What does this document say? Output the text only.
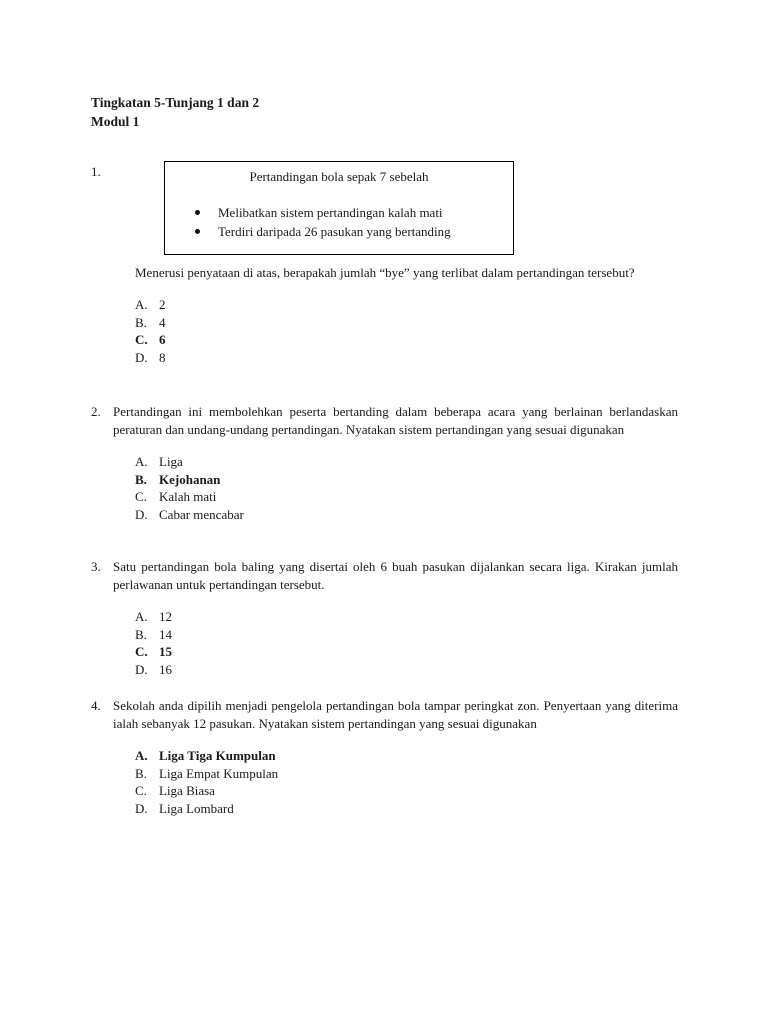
Tingkatan 5-Tunjang 1 dan 2
Modul 1
1.	Pertandingan bola sepak 7 sebelah
Melibatkan sistem pertandingan kalah mati
Terdiri daripada 26 pasukan yang bertanding
Menerusi penyataan di atas, berapakah jumlah “bye” yang terlibat dalam pertandingan tersebut?
A. 2
B. 4
C. 6
D. 8
2. Pertandingan ini membolehkan peserta bertanding dalam beberapa acara yang berlainan berlandaskan peraturan dan undang-undang pertandingan. Nyatakan sistem pertandingan yang sesuai digunakan
A. Liga
B. Kejohanan
C. Kalah mati
D. Cabar mencabar
3. Satu pertandingan bola baling yang disertai oleh 6 buah pasukan dijalankan secara liga. Kirakan jumlah perlawanan untuk pertandingan tersebut.
A. 12
B. 14
C. 15
D. 16
4. Sekolah anda dipilih menjadi pengelola pertandingan bola tampar peringkat zon. Penyertaan yang diterima ialah sebanyak 12 pasukan. Nyatakan sistem pertandingan yang sesuai digunakan
A. Liga Tiga Kumpulan
B. Liga Empat Kumpulan
C. Liga Biasa
D. Liga Lombard
